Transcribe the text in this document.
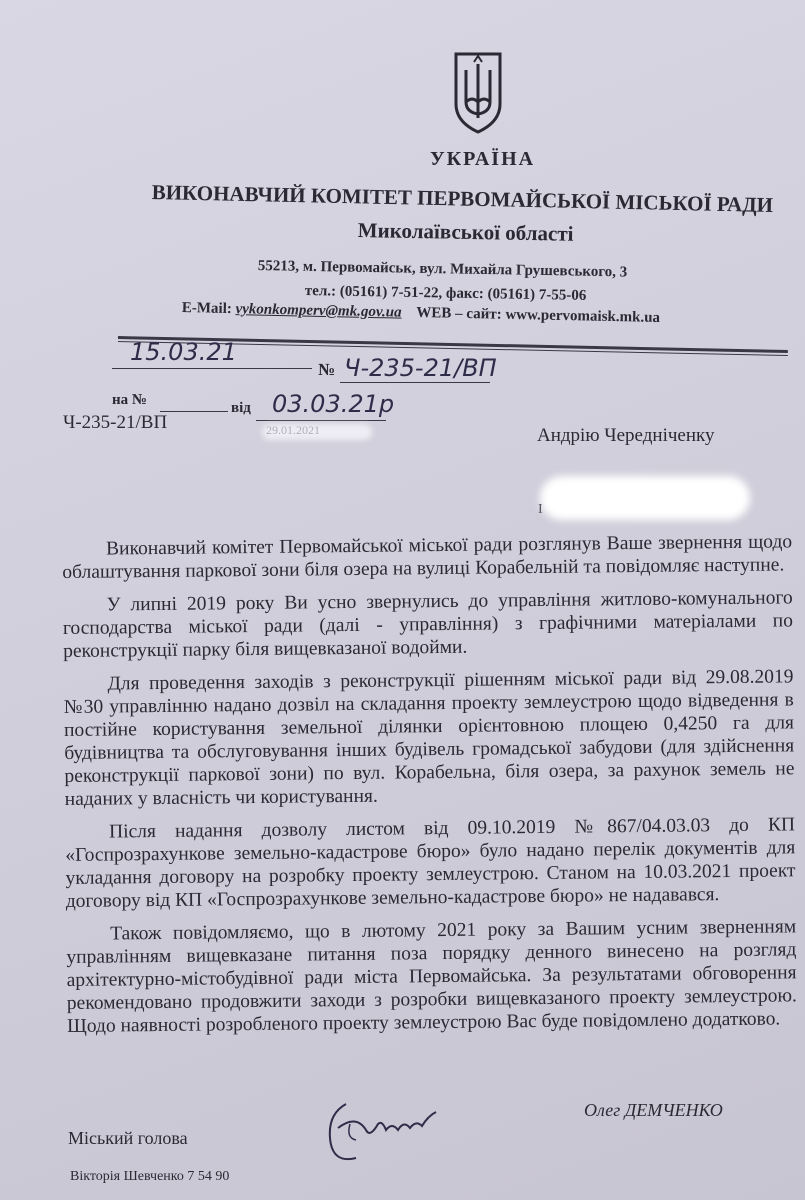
УКРАЇНА
ВИКОНАВЧИЙ КОМІТЕТ ПЕРВОМАЙСЬКОЇ МІСЬКОЇ РАДИ
Миколаївської області
55213, м. Первомайськ, вул. Михайла Грушевського, 3
тел.: (05161) 7-51-22, факс: (05161) 7-55-06
E-Mail: vykonkomperv@mk.gov.ua WEB – сайт: www.pervomaisk.mk.ua
15.03.21
№ Ч-235-21/ВП
на №	від 03.03.21р
Ч-235-21/ВП	29.01.2021	Андрію Чередніченку
І

Виконавчий комітет Первомайської міської ради розглянув Ваше звернення щодо облаштування паркової зони біля озера на вулиці Корабельній та повідомляє наступне.

У липні 2019 року Ви усно звернулись до управління житлово-комунального господарства міської ради (далі - управління) з графічними матеріалами по реконструкції парку біля вищевказаної водойми.

Для проведення заходів з реконструкції рішенням міської ради від 29.08.2019 №30 управлінню надано дозвіл на складання проекту землеустрою щодо відведення в постійне користування земельної ділянки орієнтовною площею 0,4250 га для будівництва та обслуговування інших будівель громадської забудови (для здійснення реконструкції паркової зони) по вул. Корабельна, біля озера, за рахунок земель не наданих у власність чи користування.

Після надання дозволу листом від 09.10.2019 №867/04.03.03 до КП «Госпрозрахункове земельно-кадастрове бюро» було надано перелік документів для укладання договору на розробку проекту землеустрою. Станом на 10.03.2021 проект договору від КП «Госпрозрахункове земельно-кадастрове бюро» не надавався.

Також повідомляємо, що в лютому 2021 року за Вашим усним зверненням управлінням вищевказане питання поза порядку денного винесено на розгляд архітектурно-містобудівної ради міста Первомайська. За результатами обговорення рекомендовано продовжити заходи з розробки вищевказаного проекту землеустрою. Щодо наявності розробленого проекту землеустрою Вас буде повідомлено додатково.

Олег ДЕМЧЕНКО
Міський голова
Вікторія Шевченко 7 54 90
